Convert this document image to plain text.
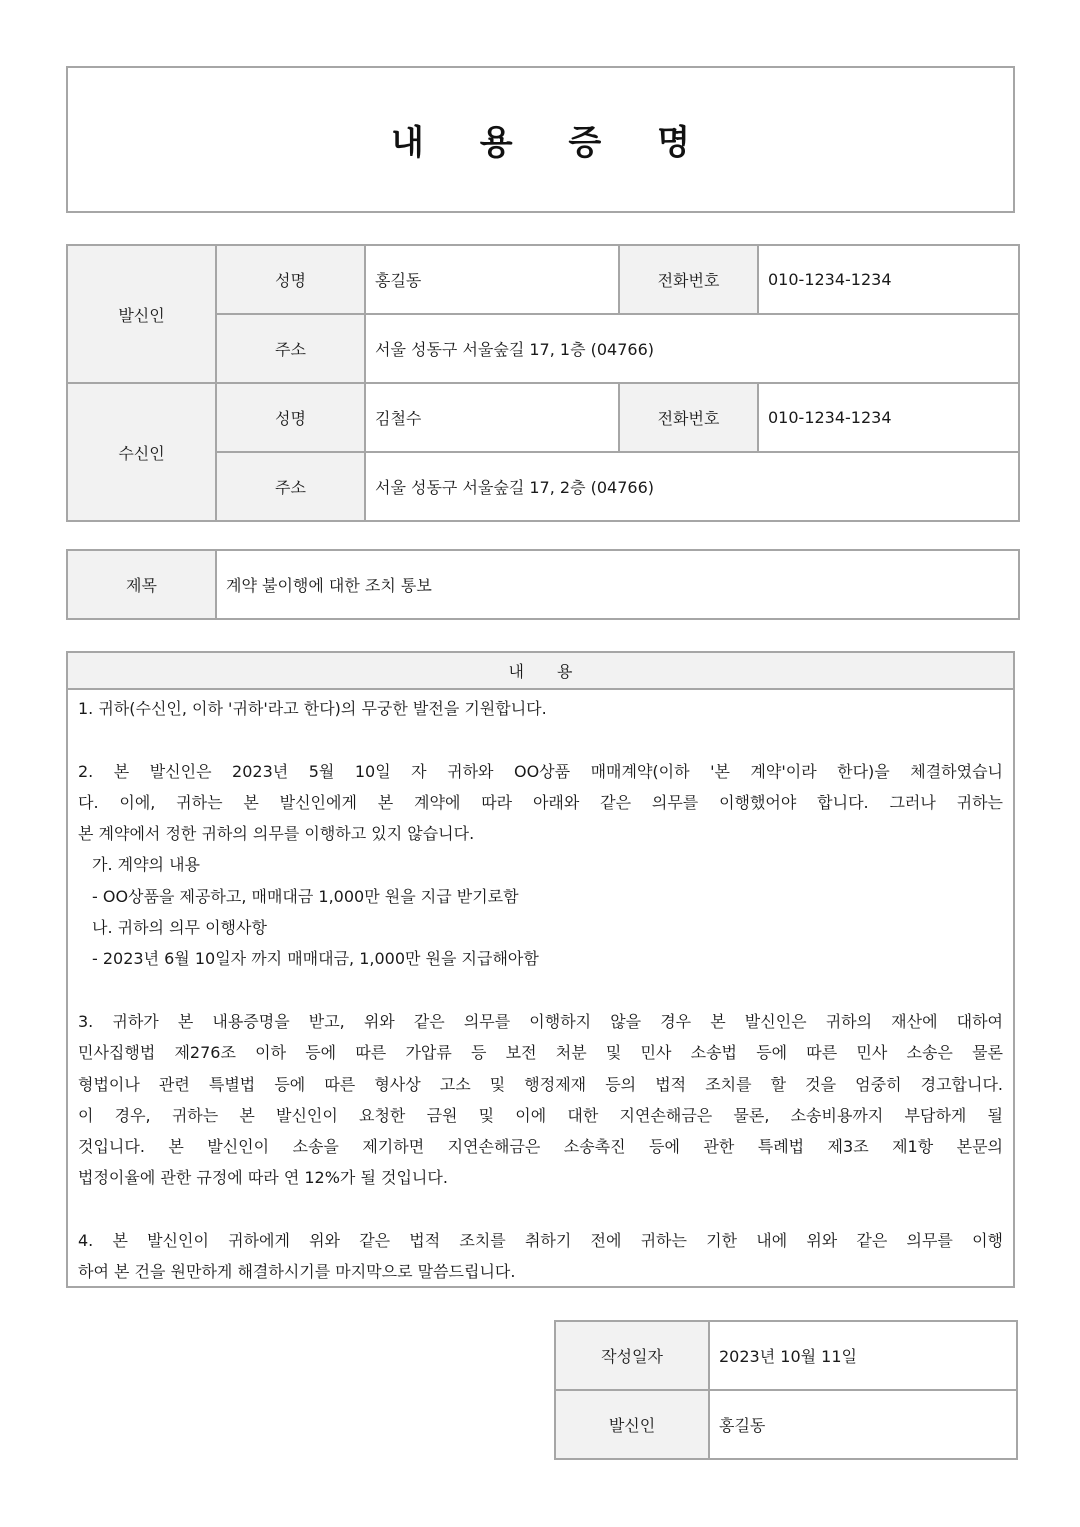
내 용 증 명
발신인	성명	홍길동	전화번호	010-1234-1234
	주소	서울 성동구 서울숲길 17, 1층 (04766)		
수신인	성명	김철수	전화번호	010-1234-1234
	주소	서울 성동구 서울숲길 17, 2층 (04766)		
제목	계약 불이행에 대한 조치 통보
내 용
1. 귀하(수신인, 이하 '귀하'라고 한다)의 무궁한 발전을 기원합니다.
2. 본 발신인은 2023년 5월 10일 자 귀하와 OO상품 매매계약(이하 '본 계약'이라 한다)을 체결하였습니
다. 이에, 귀하는 본 발신인에게 본 계약에 따라 아래와 같은 의무를 이행했어야 합니다. 그러나 귀하는
본 계약에서 정한 귀하의 의무를 이행하고 있지 않습니다.
가. 계약의 내용
- OO상품을 제공하고, 매매대금 1,000만 원을 지급 받기로함
나. 귀하의 의무 이행사항
- 2023년 6월 10일자 까지 매매대금, 1,000만 원을 지급해아함
3. 귀하가 본 내용증명을 받고, 위와 같은 의무를 이행하지 않을 경우 본 발신인은 귀하의 재산에 대하여
민사집행법 제276조 이하 등에 따른 가압류 등 보전 처분 및 민사 소송법 등에 따른 민사 소송은 물론
형법이나 관련 특별법 등에 따른 형사상 고소 및 행정제재 등의 법적 조치를 할 것을 엄중히 경고합니다.
이 경우, 귀하는 본 발신인이 요청한 금원 및 이에 대한 지연손해금은 물론, 소송비용까지 부담하게 될
것입니다. 본 발신인이 소송을 제기하면 지연손해금은 소송촉진 등에 관한 특례법 제3조 제1항 본문의
법정이율에 관한 규정에 따라 연 12%가 될 것입니다.
4. 본 발신인이 귀하에게 위와 같은 법적 조치를 취하기 전에 귀하는 기한 내에 위와 같은 의무를 이행
하여 본 건을 원만하게 해결하시기를 마지막으로 말씀드립니다.
작성일자	2023년 10월 11일
발신인	홍길동
